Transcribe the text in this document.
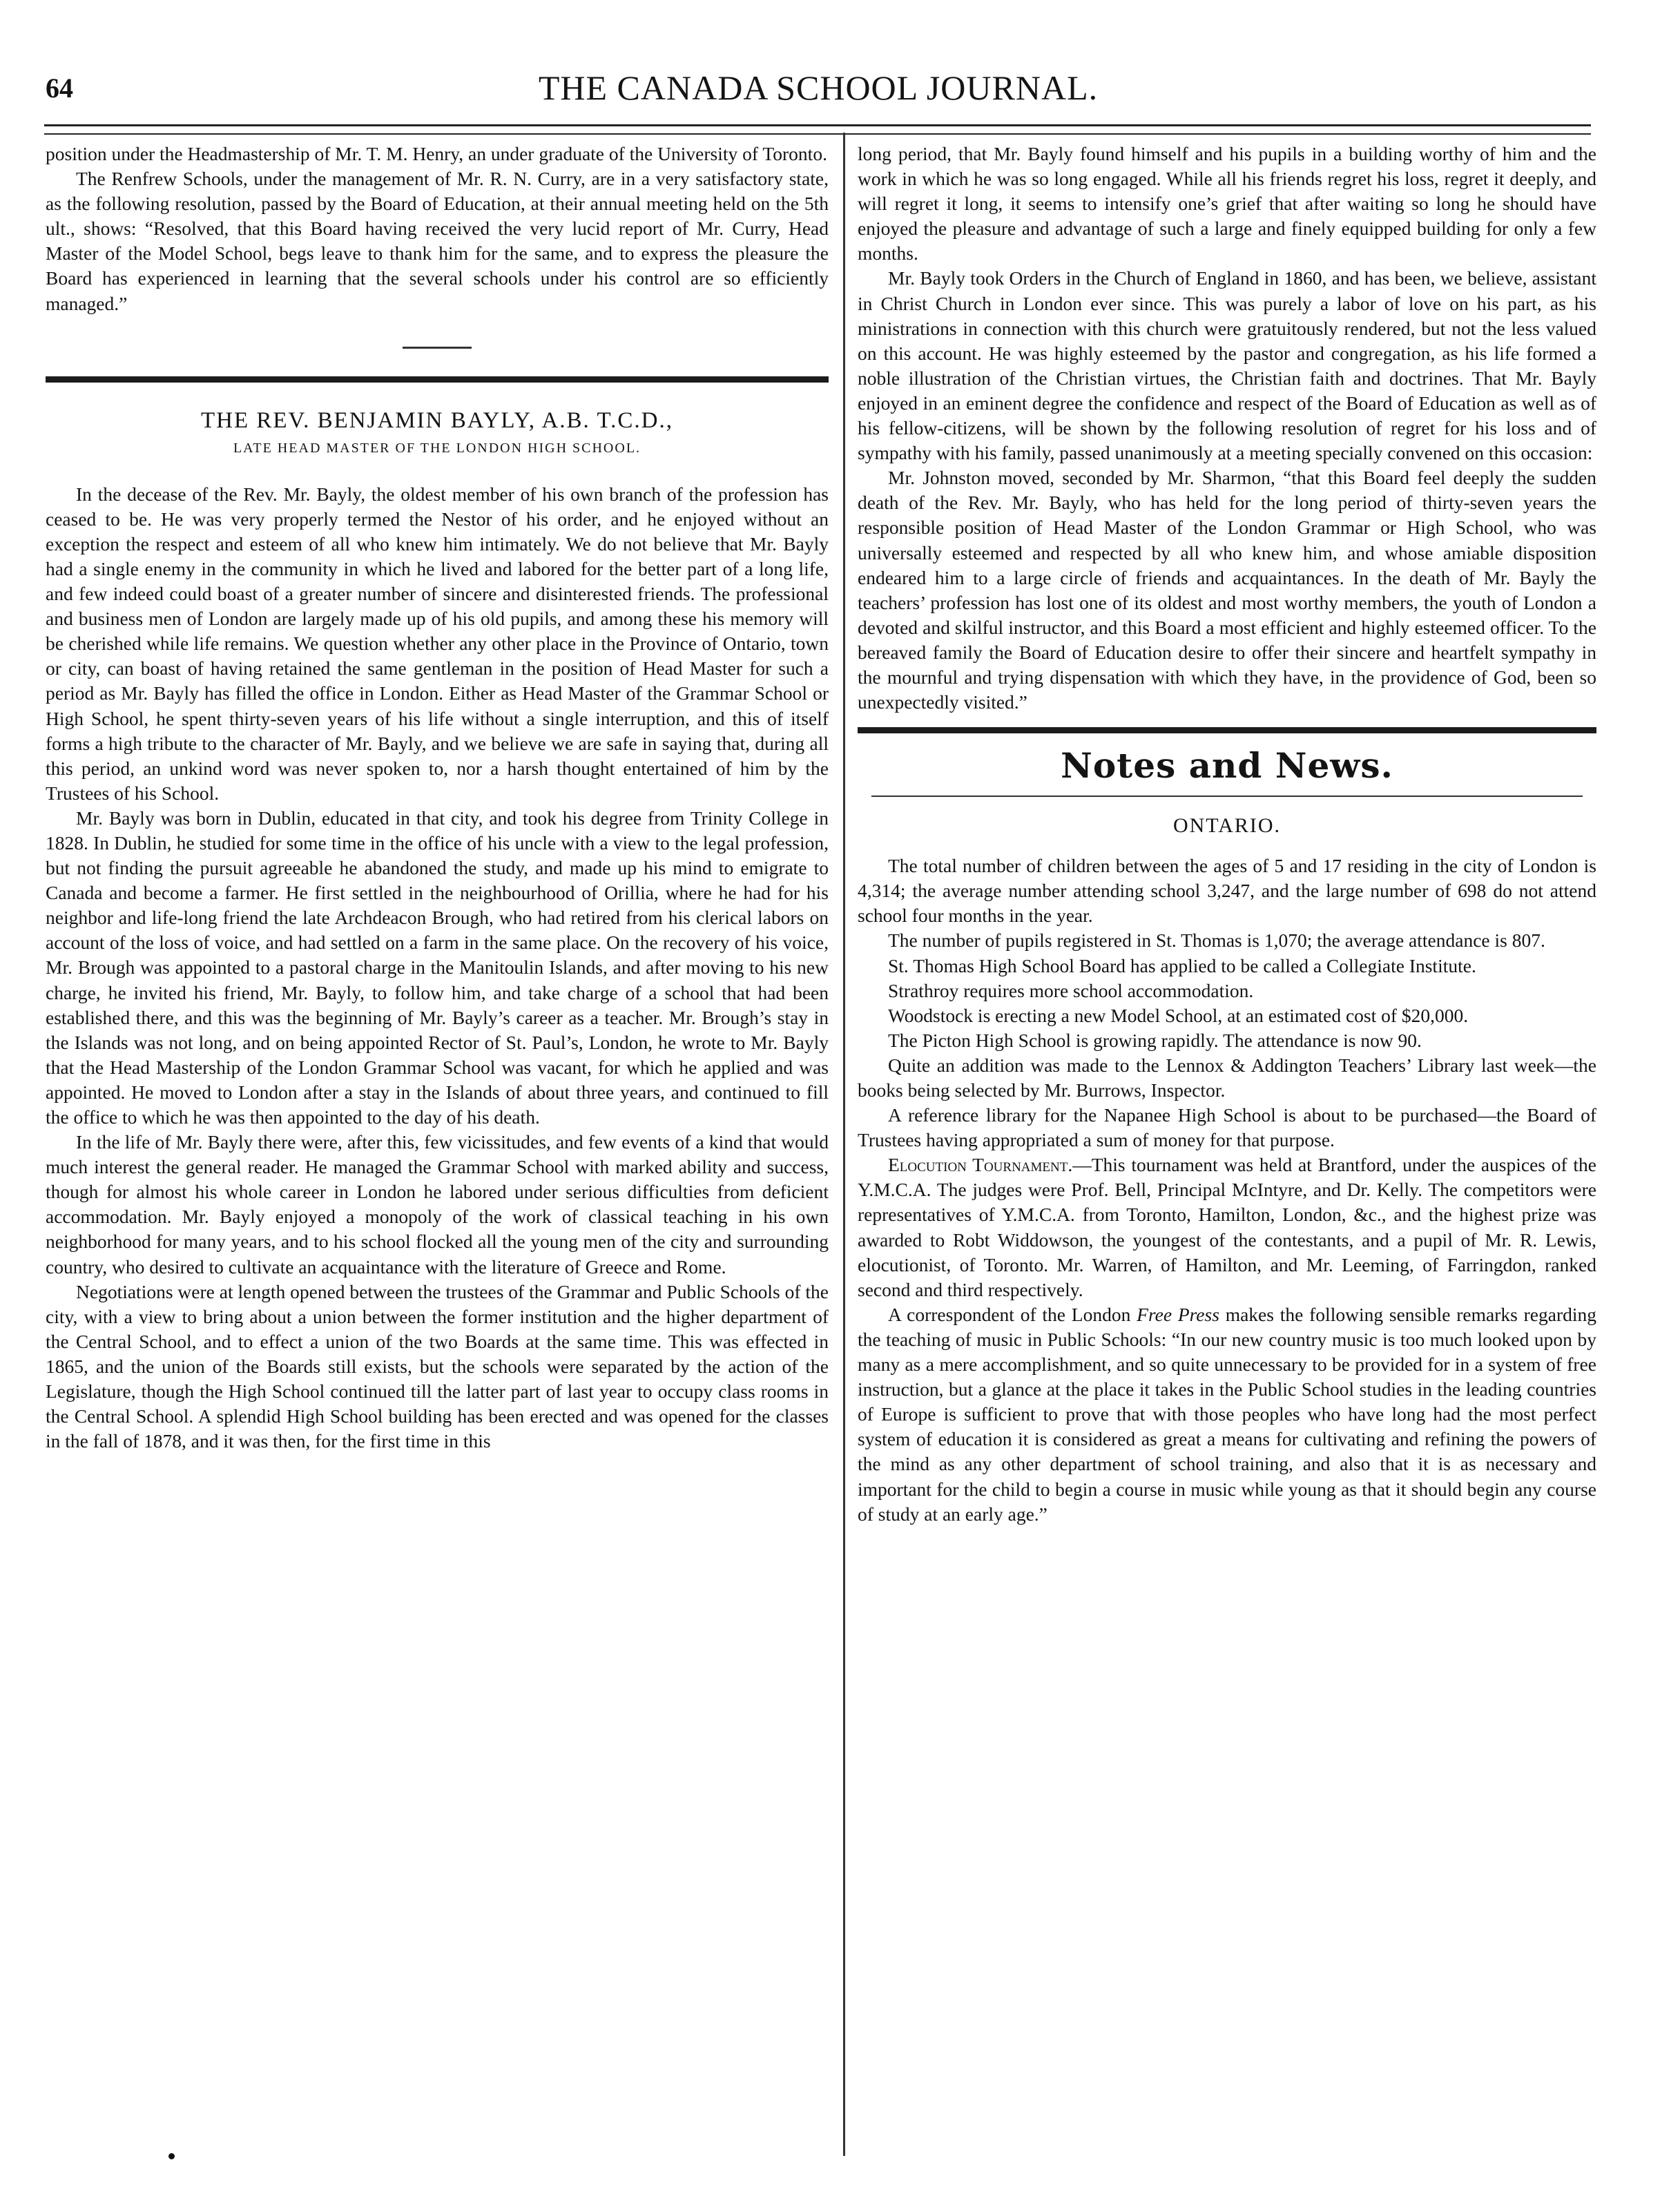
64	THE CANADA SCHOOL JOURNAL.

position under the Headmastership of Mr. T. M. Henry, an under graduate of the University of Toronto.

The Renfrew Schools, under the management of Mr. R. N. Curry, are in a very satisfactory state, as the following resolution, passed by the Board of Education, at their annual meeting held on the 5th ult., shows: “Resolved, that this Board having received the very lucid report of Mr. Curry, Head Master of the Model School, begs leave to thank him for the same, and to express the pleasure the Board has experienced in learning that the several schools under his control are so efficiently managed.”

THE REV. BENJAMIN BAYLY, A.B. T.C.D.,
LATE HEAD MASTER OF THE LONDON HIGH SCHOOL.

In the decease of the Rev. Mr. Bayly, the oldest member of his own branch of the profession has ceased to be. He was very properly termed the Nestor of his order, and he enjoyed without an exception the respect and esteem of all who knew him intimately. We do not believe that Mr. Bayly had a single enemy in the community in which he lived and labored for the better part of a long life, and few indeed could boast of a greater number of sincere and disinterested friends. The professional and business men of London are largely made up of his old pupils, and among these his memory will be cherished while life remains. We question whether any other place in the Province of Ontario, town or city, can boast of having retained the same gentleman in the position of Head Master for such a period as Mr. Bayly has filled the office in London. Either as Head Master of the Grammar School or High School, he spent thirty-seven years of his life without a single interruption, and this of itself forms a high tribute to the character of Mr. Bayly, and we believe we are safe in saying that, during all this period, an unkind word was never spoken to, nor a harsh thought entertained of him by the Trustees of his School.

Mr. Bayly was born in Dublin, educated in that city, and took his degree from Trinity College in 1828. In Dublin, he studied for some time in the office of his uncle with a view to the legal profession, but not finding the pursuit agreeable he abandoned the study, and made up his mind to emigrate to Canada and become a farmer. He first settled in the neighbourhood of Orillia, where he had for his neighbor and life-long friend the late Archdeacon Brough, who had retired from his clerical labors on account of the loss of voice, and had settled on a farm in the same place. On the recovery of his voice, Mr. Brough was appointed to a pastoral charge in the Manitoulin Islands, and after moving to his new charge, he invited his friend, Mr. Bayly, to follow him, and take charge of a school that had been established there, and this was the beginning of Mr. Bayly’s career as a teacher. Mr. Brough’s stay in the Islands was not long, and on being appointed Rector of St. Paul’s, London, he wrote to Mr. Bayly that the Head Mastership of the London Grammar School was vacant, for which he applied and was appointed. He moved to London after a stay in the Islands of about three years, and continued to fill the office to which he was then appointed to the day of his death.

In the life of Mr. Bayly there were, after this, few vicissitudes, and few events of a kind that would much interest the general reader. He managed the Grammar School with marked ability and success, though for almost his whole career in London he labored under serious difficulties from deficient accommodation. Mr. Bayly enjoyed a monopoly of the work of classical teaching in his own neighborhood for many years, and to his school flocked all the young men of the city and surrounding country, who desired to cultivate an acquaintance with the literature of Greece and Rome.

Negotiations were at length opened between the trustees of the Grammar and Public Schools of the city, with a view to bring about a union between the former institution and the higher department of the Central School, and to effect a union of the two Boards at the same time. This was effected in 1865, and the union of the Boards still exists, but the schools were separated by the action of the Legislature, though the High School continued till the latter part of last year to occupy class rooms in the Central School. A splendid High School building has been erected and was opened for the classes in the fall of 1878, and it was then, for the first time in this

long period, that Mr. Bayly found himself and his pupils in a building worthy of him and the work in which he was so long engaged. While all his friends regret his loss, regret it deeply, and will regret it long, it seems to intensify one’s grief that after waiting so long he should have enjoyed the pleasure and advantage of such a large and finely equipped building for only a few months.

Mr. Bayly took Orders in the Church of England in 1860, and has been, we believe, assistant in Christ Church in London ever since. This was purely a labor of love on his part, as his ministrations in connection with this church were gratuitously rendered, but not the less valued on this account. He was highly esteemed by the pastor and congregation, as his life formed a noble illustration of the Christian virtues, the Christian faith and doctrines. That Mr. Bayly enjoyed in an eminent degree the confidence and respect of the Board of Education as well as of his fellow-citizens, will be shown by the following resolution of regret for his loss and of sympathy with his family, passed unanimously at a meeting specially convened on this occasion:

Mr. Johnston moved, seconded by Mr. Sharmon, “that this Board feel deeply the sudden death of the Rev. Mr. Bayly, who has held for the long period of thirty-seven years the responsible position of Head Master of the London Grammar or High School, who was universally esteemed and respected by all who knew him, and whose amiable disposition endeared him to a large circle of friends and acquaintances. In the death of Mr. Bayly the teachers’ profession has lost one of its oldest and most worthy members, the youth of London a devoted and skilful instructor, and this Board a most efficient and highly esteemed officer. To the bereaved family the Board of Education desire to offer their sincere and heartfelt sympathy in the mournful and trying dispensation with which they have, in the providence of God, been so unexpectedly visited.”

Notes and News.
ONTARIO.

The total number of children between the ages of 5 and 17 residing in the city of London is 4,314; the average number attending school 3,247, and the large number of 698 do not attend school four months in the year.

The number of pupils registered in St. Thomas is 1,070; the average attendance is 807.

St. Thomas High School Board has applied to be called a Collegiate Institute.

Strathroy requires more school accommodation.

Woodstock is erecting a new Model School, at an estimated cost of $20,000.

The Picton High School is growing rapidly. The attendance is now 90.

Quite an addition was made to the Lennox & Addington Teachers’ Library last week—the books being selected by Mr. Burrows, Inspector.

A reference library for the Napanee High School is about to be purchased—the Board of Trustees having appropriated a sum of money for that purpose.

Elocution Tournament.—This tournament was held at Brantford, under the auspices of the Y.M.C.A. The judges were Prof. Bell, Principal McIntyre, and Dr. Kelly. The competitors were representatives of Y.M.C.A. from Toronto, Hamilton, London, &c., and the highest prize was awarded to Robt Widdowson, the youngest of the contestants, and a pupil of Mr. R. Lewis, elocutionist, of Toronto. Mr. Warren, of Hamilton, and Mr. Leeming, of Farringdon, ranked second and third respectively.

A correspondent of the London Free Press makes the following sensible remarks regarding the teaching of music in Public Schools: “In our new country music is too much looked upon by many as a mere accomplishment, and so quite unnecessary to be provided for in a system of free instruction, but a glance at the place it takes in the Public School studies in the leading countries of Europe is sufficient to prove that with those peoples who have long had the most perfect system of education it is considered as great a means for cultivating and refining the powers of the mind as any other department of school training, and also that it is as necessary and important for the child to begin a course in music while young as that it should begin any course of study at an early age.”
